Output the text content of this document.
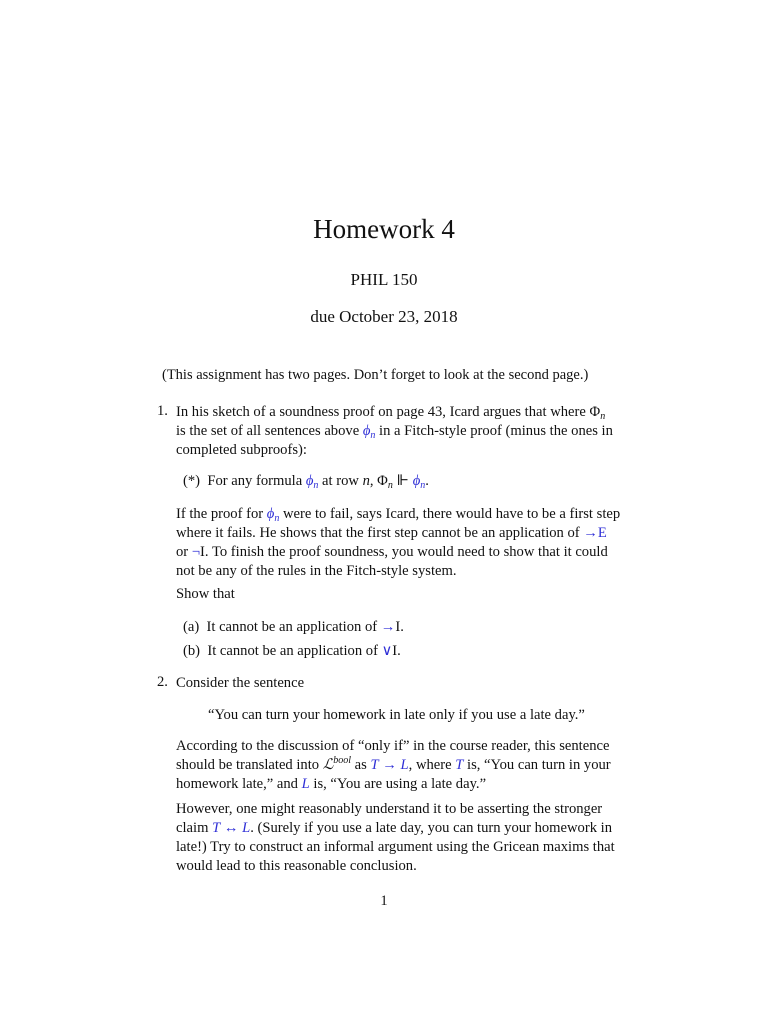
Homework 4
PHIL 150
due October 23, 2018
(This assignment has two pages. Don’t forget to look at the second page.)
1. In his sketch of a soundness proof on page 43, Icard argues that where $\Phi_n$
is the set of all sentences above $\phi_n$ in a Fitch-style proof (minus the ones in
completed subproofs):
(*) For any formula $\phi_n$ at row n, $\Phi_n$ ⊩ $\phi_n$.
If the proof for $\phi_n$ were to fail, says Icard, there would have to be a first step
where it fails. He shows that the first step cannot be an application of →E
or ¬I. To finish the proof soundness, you would need to show that it could
not be any of the rules in the Fitch-style system.
Show that
(a) It cannot be an application of →I.
(b) It cannot be an application of ∨I.
2. Consider the sentence
“You can turn your homework in late only if you use a late day.”
According to the discussion of “only if” in the course reader, this sentence
should be translated into ℒ$^{bool}$ as T → L, where T is, “You can turn in your
homework late,” and L is, “You are using a late day.”
However, one might reasonably understand it to be asserting the stronger
claim T ↔ L. (Surely if you use a late day, you can turn your homework in
late!) Try to construct an informal argument using the Gricean maxims that
would lead to this reasonable conclusion.
1
